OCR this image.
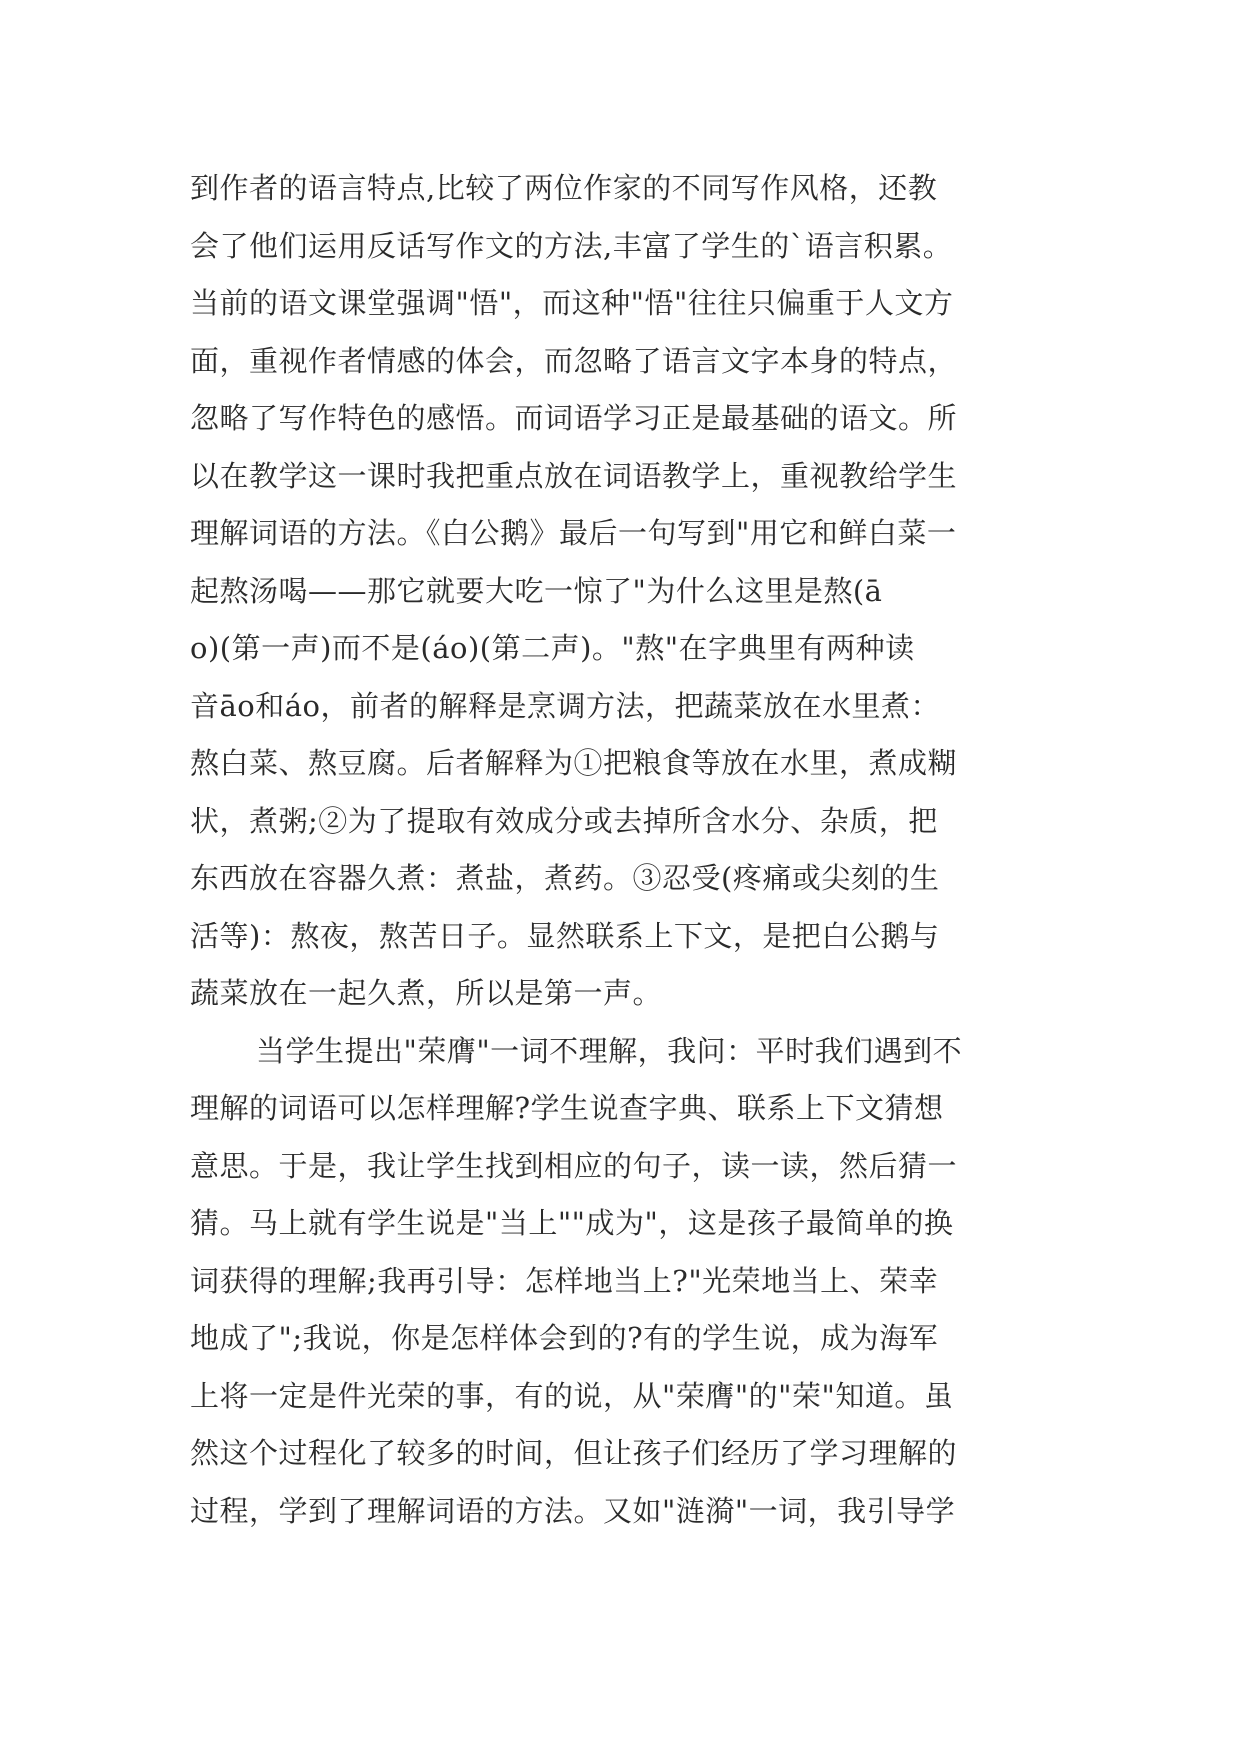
到作者的语言特点,比较了两位作家的不同写作风格，还教
会了他们运用反话写作文的方法,丰富了学生的`语言积累。
当前的语文课堂强调"悟"，而这种"悟"往往只偏重于人文方
面，重视作者情感的体会，而忽略了语言文字本身的特点，
忽略了写作特色的感悟。而词语学习正是最基础的语文。所
以在教学这一课时我把重点放在词语教学上，重视教给学生
理解词语的方法。《白公鹅》最后一句写到"用它和鲜白菜一
起熬汤喝——那它就要大吃一惊了"为什么这里是熬(ā
o)(第一声)而不是(áo)(第二声)。"熬"在字典里有两种读
音āo和áo，前者的解释是烹调方法，把蔬菜放在水里煮：
熬白菜、熬豆腐。后者解释为①把粮食等放在水里，煮成糊
状，煮粥;②为了提取有效成分或去掉所含水分、杂质，把
东西放在容器久煮：煮盐，煮药。③忍受(疼痛或尖刻的生
活等)：熬夜，熬苦日子。显然联系上下文，是把白公鹅与
蔬菜放在一起久煮，所以是第一声。
当学生提出"荣膺"一词不理解，我问：平时我们遇到不
理解的词语可以怎样理解?学生说查字典、联系上下文猜想
意思。于是，我让学生找到相应的句子，读一读，然后猜一
猜。马上就有学生说是"当上""成为"，这是孩子最简单的换
词获得的理解;我再引导：怎样地当上?"光荣地当上、荣幸
地成了";我说，你是怎样体会到的?有的学生说，成为海军
上将一定是件光荣的事，有的说，从"荣膺"的"荣"知道。虽
然这个过程化了较多的时间，但让孩子们经历了学习理解的
过程，学到了理解词语的方法。又如"涟漪"一词，我引导学
